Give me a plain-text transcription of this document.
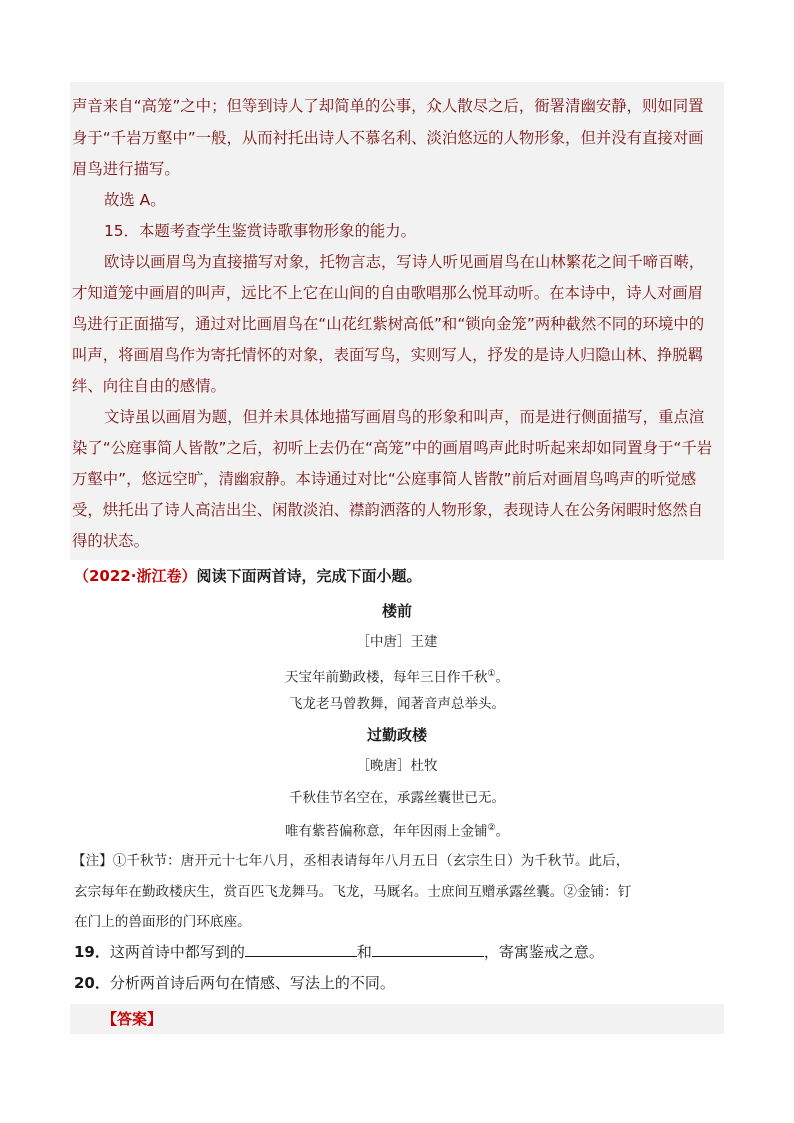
声音来自“高笼”之中；但等到诗人了却简单的公事，众人散尽之后，衙署清幽安静，则如同置
身于“千岩万壑中”一般，从而衬托出诗人不慕名利、淡泊悠远的人物形象，但并没有直接对画
眉鸟进行描写。
故选 A。
15．本题考查学生鉴赏诗歌事物形象的能力。
欧诗以画眉鸟为直接描写对象，托物言志，写诗人听见画眉鸟在山林繁花之间千啼百啭，
才知道笼中画眉的叫声，远比不上它在山间的自由歌唱那么悦耳动听。在本诗中，诗人对画眉
鸟进行正面描写，通过对比画眉鸟在“山花红紫树高低”和“锁向金笼”两种截然不同的环境中的
叫声，将画眉鸟作为寄托情怀的对象，表面写鸟，实则写人，抒发的是诗人归隐山林、挣脱羁
绊、向往自由的感情。
文诗虽以画眉为题，但并未具体地描写画眉鸟的形象和叫声，而是进行侧面描写，重点渲
染了“公庭事简人皆散”之后，初听上去仍在“高笼”中的画眉鸣声此时听起来却如同置身于“千岩
万壑中”，悠远空旷，清幽寂静。本诗通过对比“公庭事简人皆散”前后对画眉鸟鸣声的听觉感
受，烘托出了诗人高洁出尘、闲散淡泊、襟韵洒落的人物形象，表现诗人在公务闲暇时悠然自
得的状态。
（2022·浙江卷）阅读下面两首诗，完成下面小题。
楼前
［中唐］王建
天宝年前勤政楼，每年三日作千秋①。
飞龙老马曾教舞，闻著音声总举头。
过勤政楼
［晚唐］杜牧
千秋佳节名空在，承露丝囊世已无。
唯有紫苔偏称意，年年因雨上金铺②。
【注】①千秋节：唐开元十七年八月，丞相表请每年八月五日（玄宗生日）为千秋节。此后，
玄宗每年在勤政楼庆生，赏百匹飞龙舞马。飞龙，马厩名。士庶间互赠承露丝囊。②金铺：钉
在门上的兽面形的门环底座。
19．这两首诗中都写到的	和	，寄寓鉴戒之意。
20．分析两首诗后两句在情感、写法上的不同。
【答案】
